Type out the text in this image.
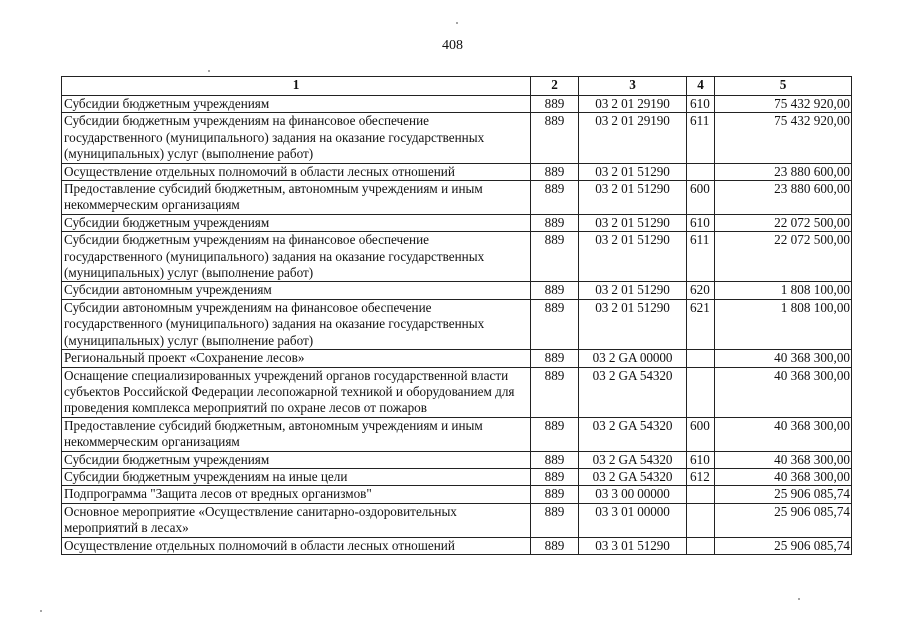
408
1	2	3	4	5
Субсидии бюджетным учреждениям	889	03 2 01 29190	610	75 432 920,00
Субсидии бюджетным учреждениям на финансовое обеспечение государственного (муниципального) задания на оказание государственных (муниципальных) услуг (выполнение работ)	889	03 2 01 29190	611	75 432 920,00
Осуществление отдельных полномочий в области лесных отношений	889	03 2 01 51290		23 880 600,00
Предоставление субсидий бюджетным, автономным учреждениям и иным некоммерческим организациям	889	03 2 01 51290	600	23 880 600,00
Субсидии бюджетным учреждениям	889	03 2 01 51290	610	22 072 500,00
Субсидии бюджетным учреждениям на финансовое обеспечение государственного (муниципального) задания на оказание государственных (муниципальных) услуг (выполнение работ)	889	03 2 01 51290	611	22 072 500,00
Субсидии автономным учреждениям	889	03 2 01 51290	620	1 808 100,00
Субсидии автономным учреждениям на финансовое обеспечение государственного (муниципального) задания на оказание государственных (муниципальных) услуг (выполнение работ)	889	03 2 01 51290	621	1 808 100,00
Региональный проект «Сохранение лесов»	889	03 2 GA 00000		40 368 300,00
Оснащение специализированных учреждений органов государственной власти субъектов Российской Федерации лесопожарной техникой и оборудованием для проведения комплекса мероприятий по охране лесов от пожаров	889	03 2 GA 54320		40 368 300,00
Предоставление субсидий бюджетным, автономным учреждениям и иным некоммерческим организациям	889	03 2 GA 54320	600	40 368 300,00
Субсидии бюджетным учреждениям	889	03 2 GA 54320	610	40 368 300,00
Субсидии бюджетным учреждениям на иные цели	889	03 2 GA 54320	612	40 368 300,00
Подпрограмма "Защита лесов от вредных организмов"	889	03 3 00 00000		25 906 085,74
Основное мероприятие «Осуществление санитарно-оздоровительных мероприятий в лесах»	889	03 3 01 00000		25 906 085,74
Осуществление отдельных полномочий в области лесных отношений	889	03 3 01 51290		25 906 085,74
